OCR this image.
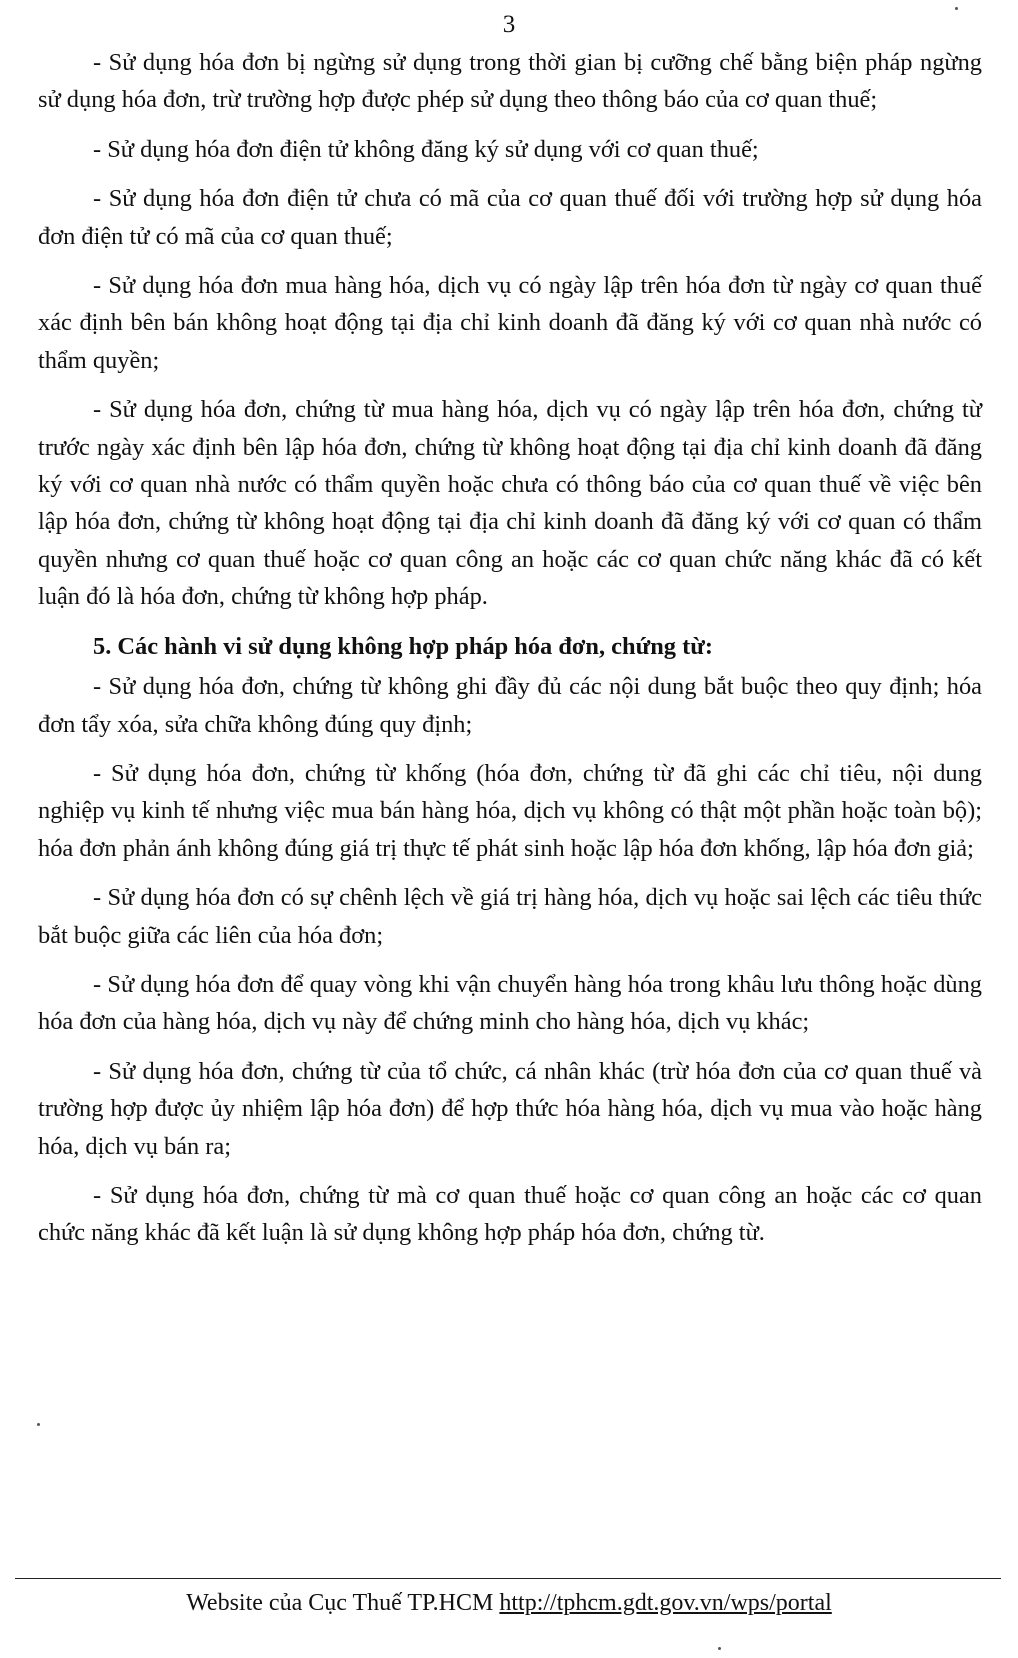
3

- Sử dụng hóa đơn bị ngừng sử dụng trong thời gian bị cưỡng chế bằng biện pháp ngừng sử dụng hóa đơn, trừ trường hợp được phép sử dụng theo thông báo của cơ quan thuế;

- Sử dụng hóa đơn điện tử không đăng ký sử dụng với cơ quan thuế;

- Sử dụng hóa đơn điện tử chưa có mã của cơ quan thuế đối với trường hợp sử dụng hóa đơn điện tử có mã của cơ quan thuế;

- Sử dụng hóa đơn mua hàng hóa, dịch vụ có ngày lập trên hóa đơn từ ngày cơ quan thuế xác định bên bán không hoạt động tại địa chỉ kinh doanh đã đăng ký với cơ quan nhà nước có thẩm quyền;

- Sử dụng hóa đơn, chứng từ mua hàng hóa, dịch vụ có ngày lập trên hóa đơn, chứng từ trước ngày xác định bên lập hóa đơn, chứng từ không hoạt động tại địa chỉ kinh doanh đã đăng ký với cơ quan nhà nước có thẩm quyền hoặc chưa có thông báo của cơ quan thuế về việc bên lập hóa đơn, chứng từ không hoạt động tại địa chỉ kinh doanh đã đăng ký với cơ quan có thẩm quyền nhưng cơ quan thuế hoặc cơ quan công an hoặc các cơ quan chức năng khác đã có kết luận đó là hóa đơn, chứng từ không hợp pháp.

5. Các hành vi sử dụng không hợp pháp hóa đơn, chứng từ:

- Sử dụng hóa đơn, chứng từ không ghi đầy đủ các nội dung bắt buộc theo quy định; hóa đơn tẩy xóa, sửa chữa không đúng quy định;

- Sử dụng hóa đơn, chứng từ khống (hóa đơn, chứng từ đã ghi các chỉ tiêu, nội dung nghiệp vụ kinh tế nhưng việc mua bán hàng hóa, dịch vụ không có thật một phần hoặc toàn bộ); hóa đơn phản ánh không đúng giá trị thực tế phát sinh hoặc lập hóa đơn khống, lập hóa đơn giả;

- Sử dụng hóa đơn có sự chênh lệch về giá trị hàng hóa, dịch vụ hoặc sai lệch các tiêu thức bắt buộc giữa các liên của hóa đơn;

- Sử dụng hóa đơn để quay vòng khi vận chuyển hàng hóa trong khâu lưu thông hoặc dùng hóa đơn của hàng hóa, dịch vụ này để chứng minh cho hàng hóa, dịch vụ khác;

- Sử dụng hóa đơn, chứng từ của tổ chức, cá nhân khác (trừ hóa đơn của cơ quan thuế và trường hợp được ủy nhiệm lập hóa đơn) để hợp thức hóa hàng hóa, dịch vụ mua vào hoặc hàng hóa, dịch vụ bán ra;

- Sử dụng hóa đơn, chứng từ mà cơ quan thuế hoặc cơ quan công an hoặc các cơ quan chức năng khác đã kết luận là sử dụng không hợp pháp hóa đơn, chứng từ.

Website của Cục Thuế TP.HCM http://tphcm.gdt.gov.vn/wps/portal
